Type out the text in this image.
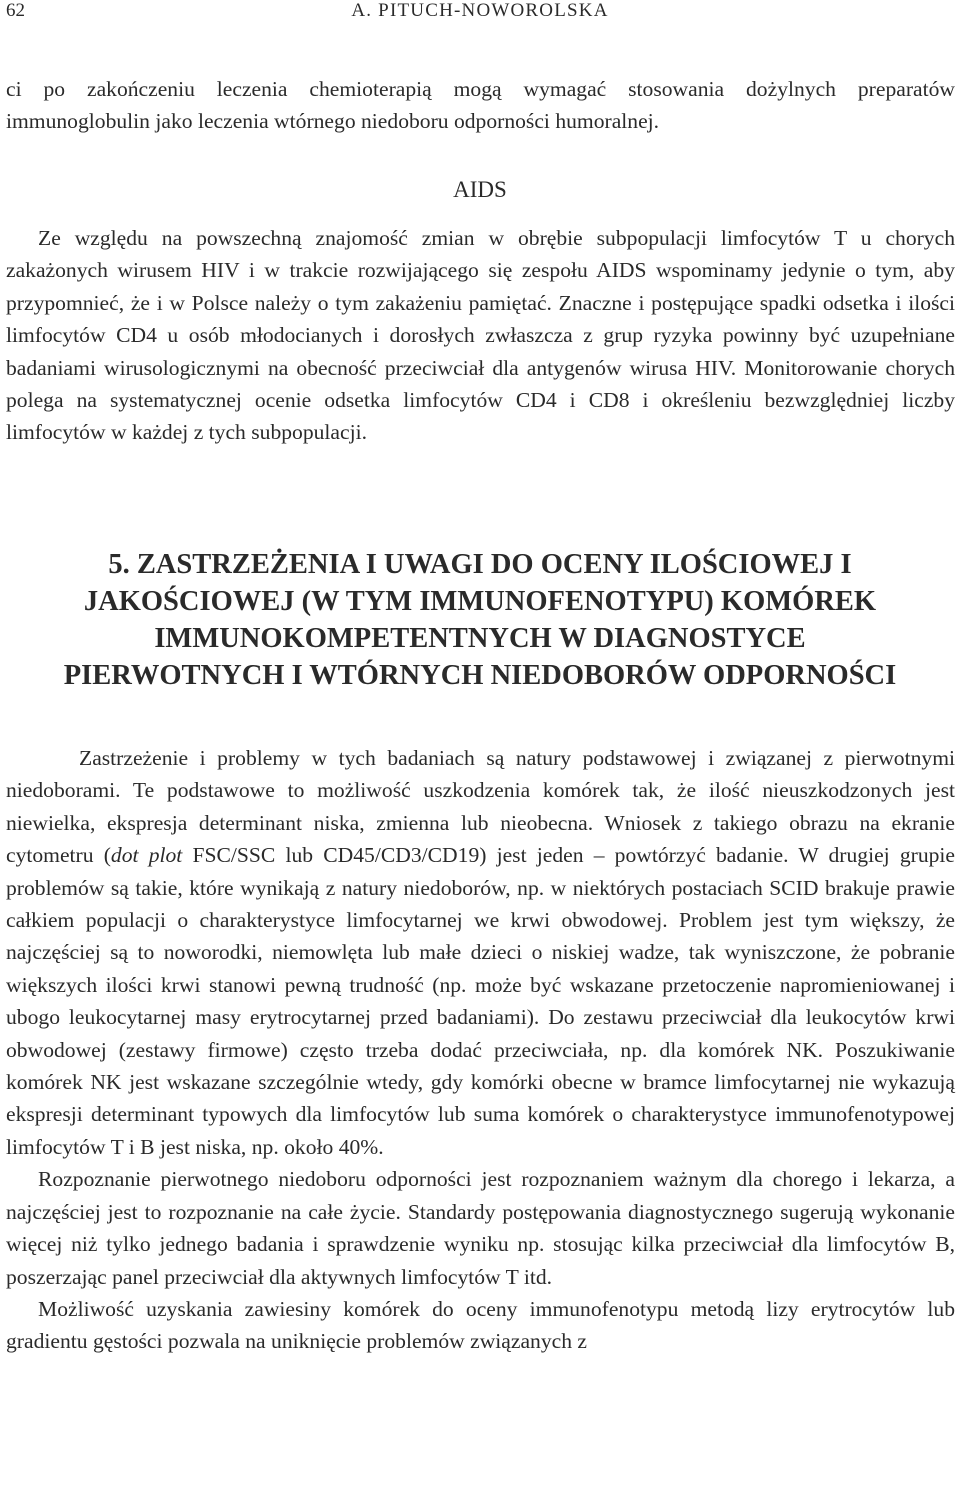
62	A. PITUCH-NOWOROLSKA

ci po zakończeniu leczenia chemioterapią mogą wymagać stosowania dożylnych preparatów immunoglobulin jako leczenia wtórnego niedoboru odporności humoralnej.

AIDS

Ze względu na powszechną znajomość zmian w obrębie subpopulacji limfocytów T u chorych zakażonych wirusem HIV i w trakcie rozwijającego się zespołu AIDS wspominamy jedynie o tym, aby przypomnieć, że i w Polsce należy o tym zakażeniu pamiętać. Znaczne i postępujące spadki odsetka i ilości limfocytów CD4 u osób młodocianych i dorosłych zwłaszcza z grup ryzyka powinny być uzupełniane badaniami wirusologicznymi na obecność przeciwciał dla antygenów wirusa HIV. Monitorowanie chorych polega na systematycznej ocenie odsetka limfocytów CD4 i CD8 i określeniu bezwzględniej liczby limfocytów w każdej z tych subpopulacji.

5. ZASTRZEŻENIA I UWAGI DO OCENY ILOŚCIOWEJ I
JAKOŚCIOWEJ (W TYM IMMUNOFENOTYPU) KOMÓREK
IMMUNOKOMPETENTNYCH W DIAGNOSTYCE
PIERWOTNYCH I WTÓRNYCH NIEDOBORÓW ODPORNOŚCI

Zastrzeżenie i problemy w tych badaniach są natury podstawowej i związanej z pierwotnymi niedoborami. Te podstawowe to możliwość uszkodzenia komórek tak, że ilość nieuszkodzonych jest niewielka, ekspresja determinant niska, zmienna lub nieobecna. Wniosek z takiego obrazu na ekranie cytometru (dot plot FSC/SSC lub CD45/CD3/CD19) jest jeden – powtórzyć badanie. W drugiej grupie problemów są takie, które wynikają z natury niedoborów, np. w niektórych postaciach SCID brakuje prawie całkiem populacji o charakterystyce limfocytarnej we krwi obwodowej. Problem jest tym większy, że najczęściej są to noworodki, niemowlęta lub małe dzieci o niskiej wadze, tak wyniszczone, że pobranie większych ilości krwi stanowi pewną trudność (np. może być wskazane przetoczenie napromieniowanej i ubogo leukocytarnej masy erytrocytarnej przed badaniami). Do zestawu przeciwciał dla leukocytów krwi obwodowej (zestawy firmowe) często trzeba dodać przeciwciała, np. dla komórek NK. Poszukiwanie komórek NK jest wskazane szczególnie wtedy, gdy komórki obecne w bramce limfocytarnej nie wykazują ekspresji determinant typowych dla limfocytów lub suma komórek o charakterystyce immunofenotypowej limfocytów T i B jest niska, np. około 40%.

Rozpoznanie pierwotnego niedoboru odporności jest rozpoznaniem ważnym dla chorego i lekarza, a najczęściej jest to rozpoznanie na całe życie. Standardy postępowania diagnostycznego sugerują wykonanie więcej niż tylko jednego badania i sprawdzenie wyniku np. stosując kilka przeciwciał dla limfocytów B, poszerzając panel przeciwciał dla aktywnych limfocytów T itd.

Możliwość uzyskania zawiesiny komórek do oceny immunofenotypu metodą lizy erytrocytów lub gradientu gęstości pozwala na uniknięcie problemów związanych z
